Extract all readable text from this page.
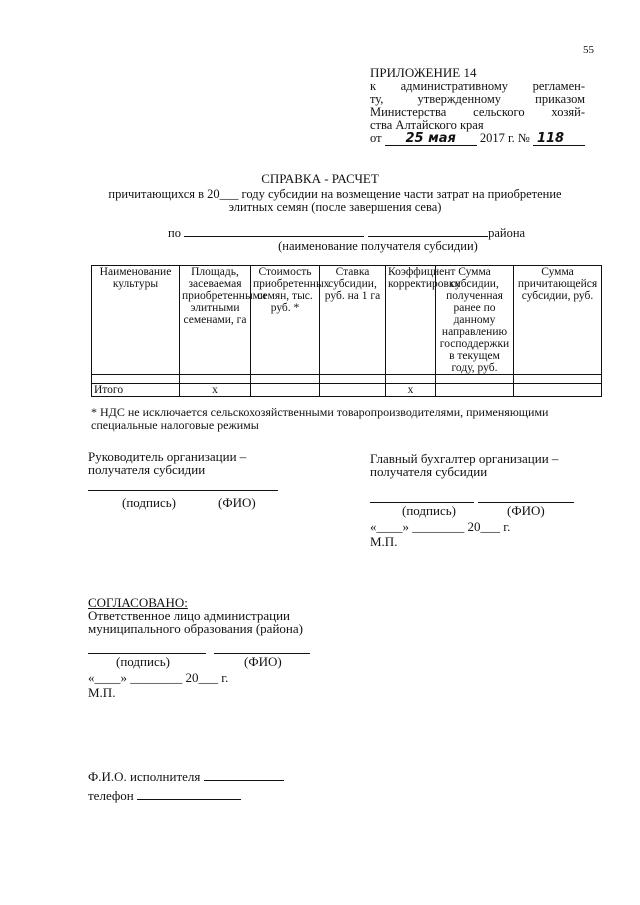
55
ПРИЛОЖЕНИЕ 14
к административному регламен-
ту, утвержденному приказом
Министерства сельского хозяй-
ства Алтайского края
от 25 мая 2017 г. № 118
СПРАВКА - РАСЧЕТ
причитающихся в 20___ году субсидии на возмещение части затрат на приобретение
элитных семян (после завершения сева)
по	района
(наименование получателя субсидии)
Наименование культуры	Площадь, засеваемая приобретенными элитными семенами, га	Стоимость приобретенных семян, тыс. руб. *	Ставка субсидии, руб. на 1 га	Коэффициент корректировки	Сумма субсидии, полученная ранее по данному направлению господдержки в текущем году, руб.	Сумма причитающейся субсидии, руб.

Итого	x			x		
* НДС не исключается сельскохозяйственными товаропроизводителями, применяющими специальные налоговые режимы
Руководитель организации –
получателя субсидии
(подпись)	(ФИО)
Главный бухгалтер организации –
получателя субсидии
(подпись)	(ФИО)
«____» ________ 20___ г.
М.П.
СОГЛАСОВАНО:
Ответственное лицо администрации
муниципального образования (района)
(подпись)	(ФИО)
«____» ________ 20___ г.
М.П.
Ф.И.О. исполнителя
телефон
